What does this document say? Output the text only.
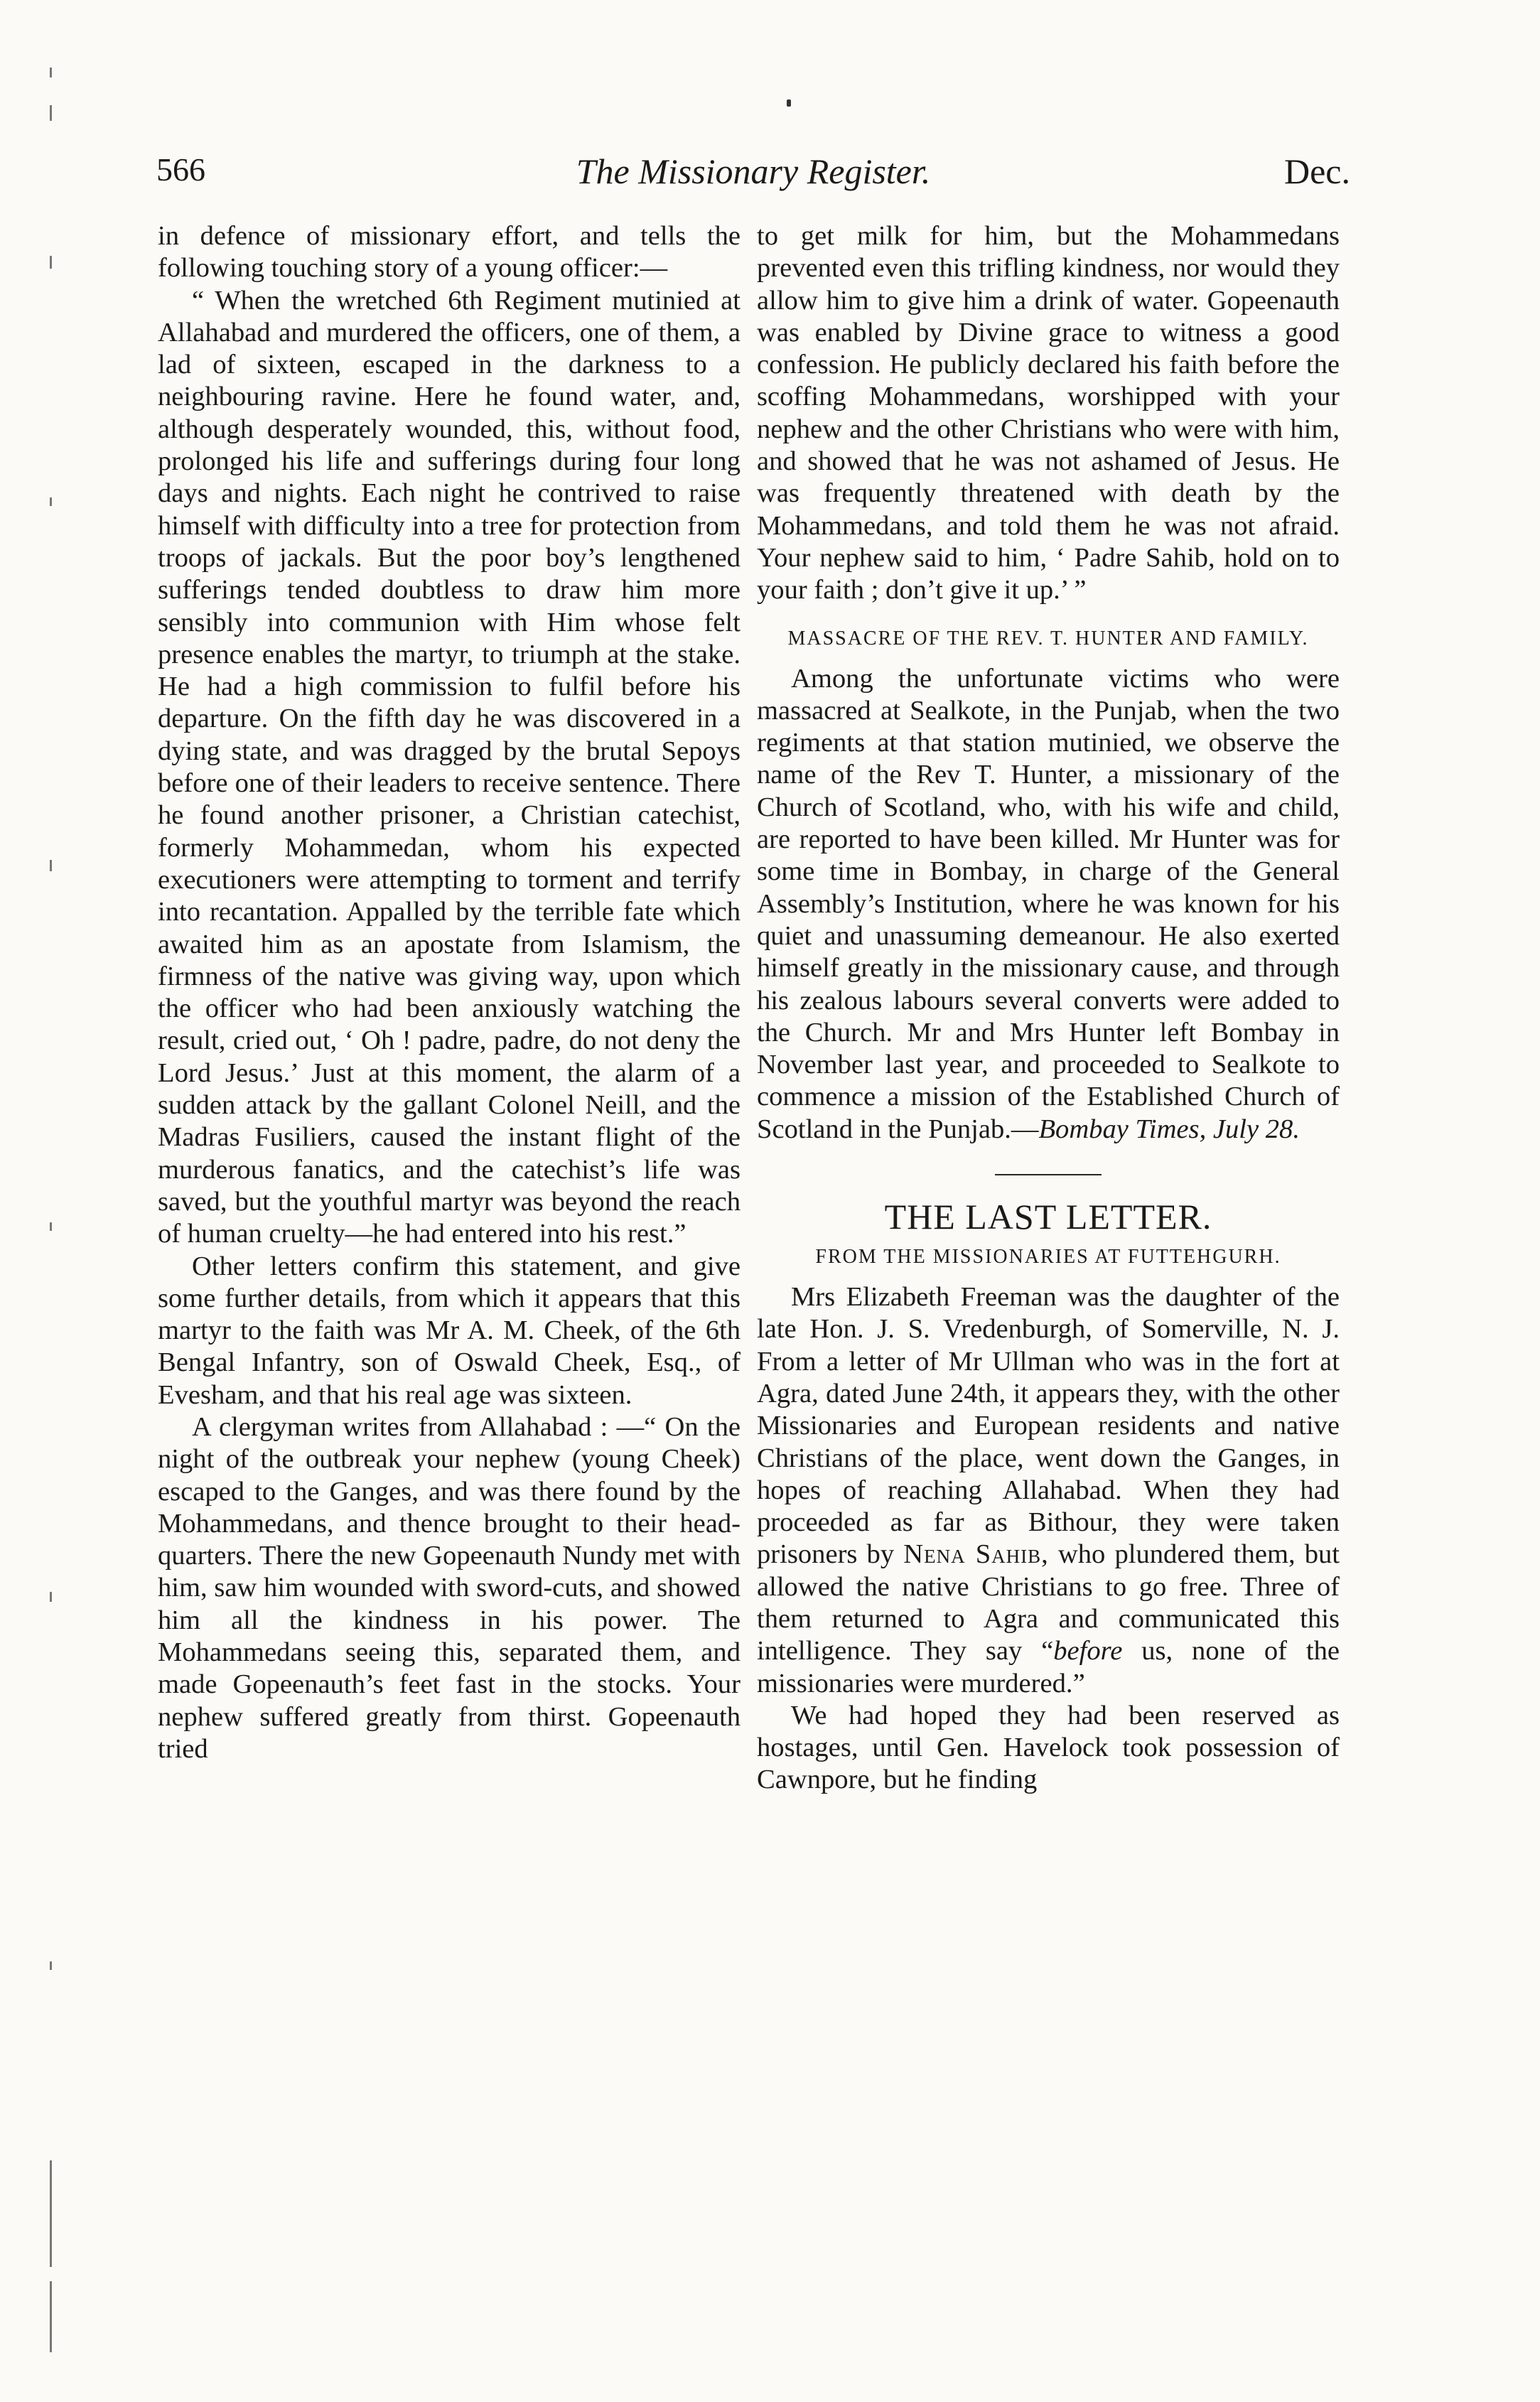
566	The Missionary Register.	Dec.

in defence of missionary effort, and tells the following touching story of a young officer:—

“ When the wretched 6th Regiment mutinied at Allahabad and murdered the officers, one of them, a lad of sixteen, escaped in the darkness to a neighbouring ravine. Here he found water, and, although desperately wounded, this, without food, prolonged his life and sufferings during four long days and nights. Each night he contrived to raise himself with difficulty into a tree for protection from troops of jackals. But the poor boy’s lengthened sufferings tended doubtless to draw him more sensibly into communion with Him whose felt presence enables the martyr, to triumph at the stake. He had a high commission to fulfil before his departure. On the fifth day he was discovered in a dying state, and was dragged by the brutal Sepoys before one of their leaders to receive sentence. There he found another prisoner, a Christian catechist, formerly Mohammedan, whom his expected executioners were attempting to torment and terrify into recantation. Appalled by the terrible fate which awaited him as an apostate from Islamism, the firmness of the native was giving way, upon which the officer who had been anxiously watching the result, cried out, ‘ Oh ! padre, padre, do not deny the Lord Jesus.’ Just at this moment, the alarm of a sudden attack by the gallant Colonel Neill, and the Madras Fusiliers, caused the instant flight of the murderous fanatics, and the catechist’s life was saved, but the youthful martyr was beyond the reach of human cruelty—he had entered into his rest.”

Other letters confirm this statement, and give some further details, from which it appears that this martyr to the faith was Mr A. M. Cheek, of the 6th Bengal Infantry, son of Oswald Cheek, Esq., of Evesham, and that his real age was sixteen.

A clergyman writes from Allahabad : —“ On the night of the outbreak your nephew (young Cheek) escaped to the Ganges, and was there found by the Mohammedans, and thence brought to their head-quarters. There the new Gopeenauth Nundy met with him, saw him wounded with sword-cuts, and showed him all the kindness in his power. The Mohammedans seeing this, separated them, and made Gopeenauth’s feet fast in the stocks. Your nephew suffered greatly from thirst. Gopeenauth tried

to get milk for him, but the Mohammedans prevented even this trifling kindness, nor would they allow him to give him a drink of water. Gopeenauth was enabled by Divine grace to witness a good confession. He publicly declared his faith before the scoffing Mohammedans, worshipped with your nephew and the other Christians who were with him, and showed that he was not ashamed of Jesus. He was frequently threatened with death by the Mohammedans, and told them he was not afraid. Your nephew said to him, ‘ Padre Sahib, hold on to your faith ; don’t give it up.’ ”

MASSACRE OF THE REV. T. HUNTER AND FAMILY.

Among the unfortunate victims who were massacred at Sealkote, in the Punjab, when the two regiments at that station mutinied, we observe the name of the Rev T. Hunter, a missionary of the Church of Scotland, who, with his wife and child, are reported to have been killed. Mr Hunter was for some time in Bombay, in charge of the General Assembly’s Institution, where he was known for his quiet and unassuming demeanour. He also exerted himself greatly in the missionary cause, and through his zealous labours several converts were added to the Church. Mr and Mrs Hunter left Bombay in November last year, and proceeded to Sealkote to commence a mission of the Established Church of Scotland in the Punjab.—Bombay Times, July 28.

THE LAST LETTER.
FROM THE MISSIONARIES AT FUTTEHGURH.

Mrs Elizabeth Freeman was the daughter of the late Hon. J. S. Vredenburgh, of Somerville, N. J. From a letter of Mr Ullman who was in the fort at Agra, dated June 24th, it appears they, with the other Missionaries and European residents and native Christians of the place, went down the Ganges, in hopes of reaching Allahabad. When they had proceeded as far as Bithour, they were taken prisoners by Nena Sahib, who plundered them, but allowed the native Christians to go free. Three of them returned to Agra and communicated this intelligence. They say “before us, none of the missionaries were murdered.”

We had hoped they had been reserved as hostages, until Gen. Havelock took possession of Cawnpore, but he finding
